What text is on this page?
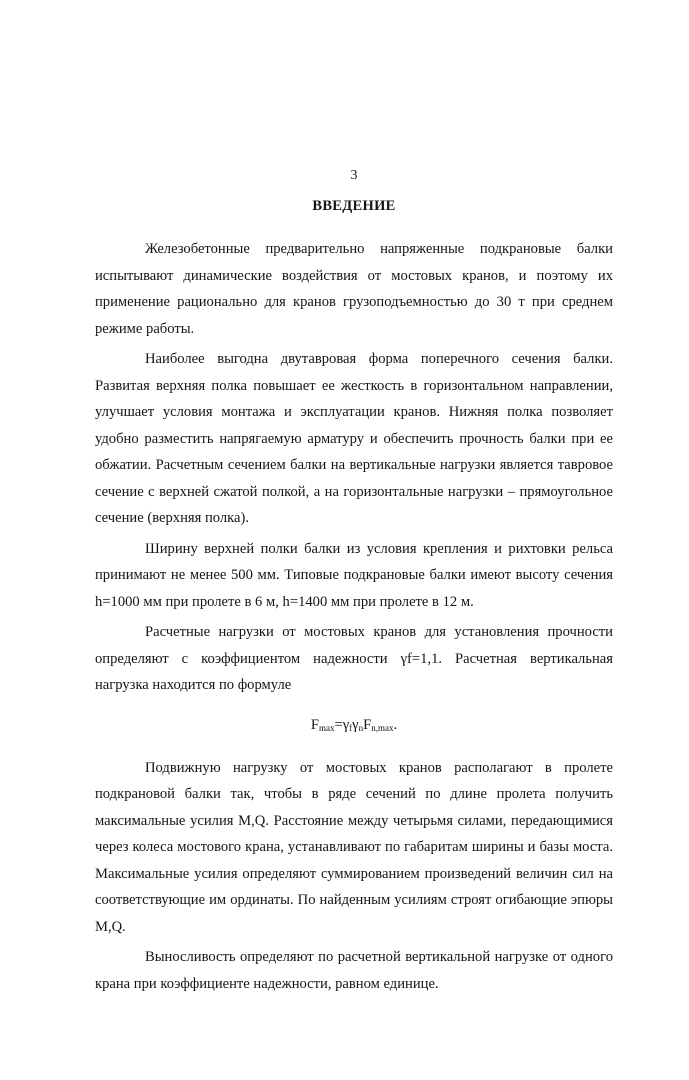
3
ВВЕДЕНИЕ

Железобетонные предварительно напряженные подкрановые балки испытывают динамические воздействия от мостовых кранов, и поэтому их применение рационально для кранов грузоподъемностью до 30 т при среднем режиме работы.

Наиболее выгодна двутавровая форма поперечного сечения балки. Развитая верхняя полка повышает ее жесткость в горизонтальном направлении, улучшает условия монтажа и эксплуатации кранов. Нижняя полка позволяет удобно разместить напрягаемую арматуру и обеспечить прочность балки при ее обжатии. Расчетным сечением балки на вертикальные нагрузки является тавровое сечение с верхней сжатой полкой, а на горизонтальные нагрузки – прямоугольное сечение (верхняя полка).

Ширину верхней полки балки из условия крепления и рихтовки рельса принимают не менее 500 мм. Типовые подкрановые балки имеют высоту сечения h=1000 мм при пролете в 6 м, h=1400 мм при пролете в 12 м.

Расчетные нагрузки от мостовых кранов для установления прочности определяют с коэффициентом надежности γf=1,1. Расчетная вертикальная нагрузка находится по формуле

$F_{max}=\gamma_f\gamma_nF_{n,max}$.

Подвижную нагрузку от мостовых кранов располагают в пролете подкрановой балки так, чтобы в ряде сечений по длине пролета получить максимальные усилия M,Q. Расстояние между четырьмя силами, передающимися через колеса мостового крана, устанавливают по габаритам ширины и базы моста. Максимальные усилия определяют суммированием произведений величин сил на соответствующие им ординаты. По найденным усилиям строят огибающие эпюры M,Q.

Выносливость определяют по расчетной вертикальной нагрузке от одного крана при коэффициенте надежности, равном единице.
